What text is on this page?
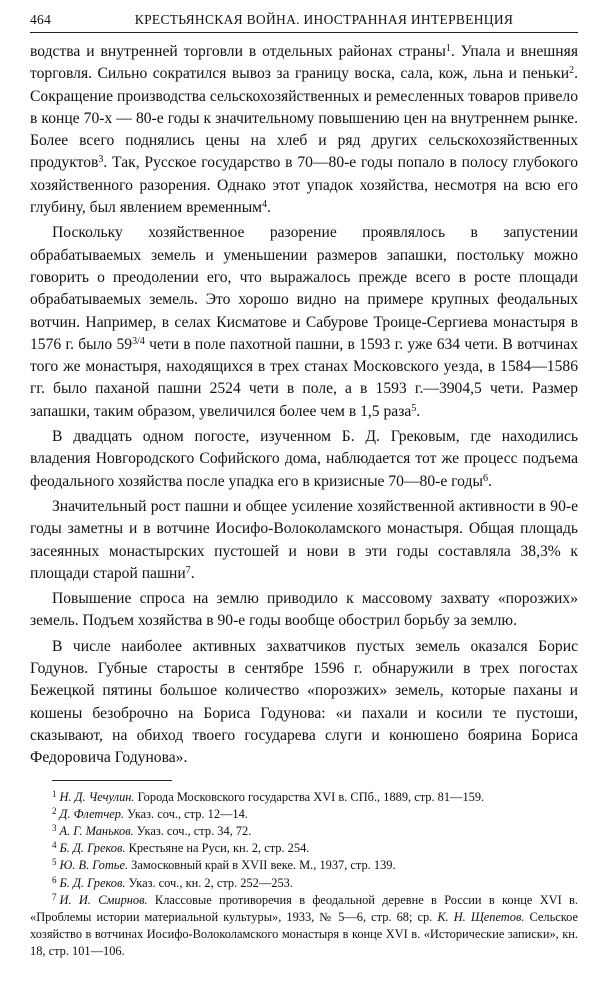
464	КРЕСТЬЯНСКАЯ ВОЙНА. ИНОСТРАННАЯ ИНТЕРВЕНЦИЯ

водства и внутренней торговли в отдельных районах страны$^1$. Упала и внешняя торговля. Сильно сократился вывоз за границу воска, сала, кож, льна и пеньки$^2$. Сокращение производства сельскохозяйственных и ремесленных товаров привело в конце 70-х — 80-е годы к значительному повышению цен на внутреннем рынке. Более всего поднялись цены на хлеб и ряд других сельскохозяйственных продуктов$^3$. Так, Русское государство в 70—80-е годы попало в полосу глубокого хозяйственного разорения. Однако этот упадок хозяйства, несмотря на всю его глубину, был явлением временным$^4$.

Поскольку хозяйственное разорение проявлялось в запустении обрабатываемых земель и уменьшении размеров запашки, постольку можно говорить о преодолении его, что выражалось прежде всего в росте площади обрабатываемых земель. Это хорошо видно на примере крупных феодальных вотчин. Например, в селах Кисматове и Сабурове Троице-Сергиева монастыря в 1576 г. было $59^{3/4}$ чети в поле пахотной пашни, в 1593 г. уже 634 чети. В вотчинах того же монастыря, находящихся в трех станах Московского уезда, в 1584—1586 гг. было паханой пашни 2524 чети в поле, а в 1593 г.—3904,5 чети. Размер запашки, таким образом, увеличился более чем в 1,5 раза$^5$.

В двадцать одном погосте, изученном Б. Д. Грековым, где находились владения Новгородского Софийского дома, наблюдается тот же процесс подъема феодального хозяйства после упадка его в кризисные 70—80-е годы$^6$.

Значительный рост пашни и общее усиление хозяйственной активности в 90-е годы заметны и в вотчине Иосифо-Волоколамского монастыря. Общая площадь засеянных монастырских пустошей и нови в эти годы составляла 38,3% к площади старой пашни$^7$.

Повышение спроса на землю приводило к массовому захвату «порозжих» земель. Подъем хозяйства в 90-е годы вообще обострил борьбу за землю.

В числе наиболее активных захватчиков пустых земель оказался Борис Годунов. Губные старосты в сентябре 1596 г. обнаружили в трех погостах Бежецкой пятины большое количество «порозжих» земель, которые паханы и кошены безоброчно на Бориса Годунова: «и пахали и косили те пустоши, сказывают, на обиход твоего государева слуги и конюшено боярина Бориса Федоровича Годунова».

$^1$ Н. Д. Чечулин. Города Московского государства XVI в. СПб., 1889, стр. 81—159.

$^2$ Д. Флетчер. Указ. соч., стр. 12—14.

$^3$ А. Г. Маньков. Указ. соч., стр. 34, 72.

$^4$ Б. Д. Греков. Крестьяне на Руси, кн. 2, стр. 254.

$^5$ Ю. В. Готье. Замосковный край в XVII веке. М., 1937, стр. 139.

$^6$ Б. Д. Греков. Указ. соч., кн. 2, стр. 252—253.

$^7$ И. И. Смирнов. Классовые противоречия в феодальной деревне в России в конце XVI в. «Проблемы истории материальной культуры», 1933, № 5—6, стр. 68; ср. К. Н. Щепетов. Сельское хозяйство в вотчинах Иосифо-Волоколамского монастыря в конце XVI в. «Исторические записки», кн. 18, стр. 101—106.
